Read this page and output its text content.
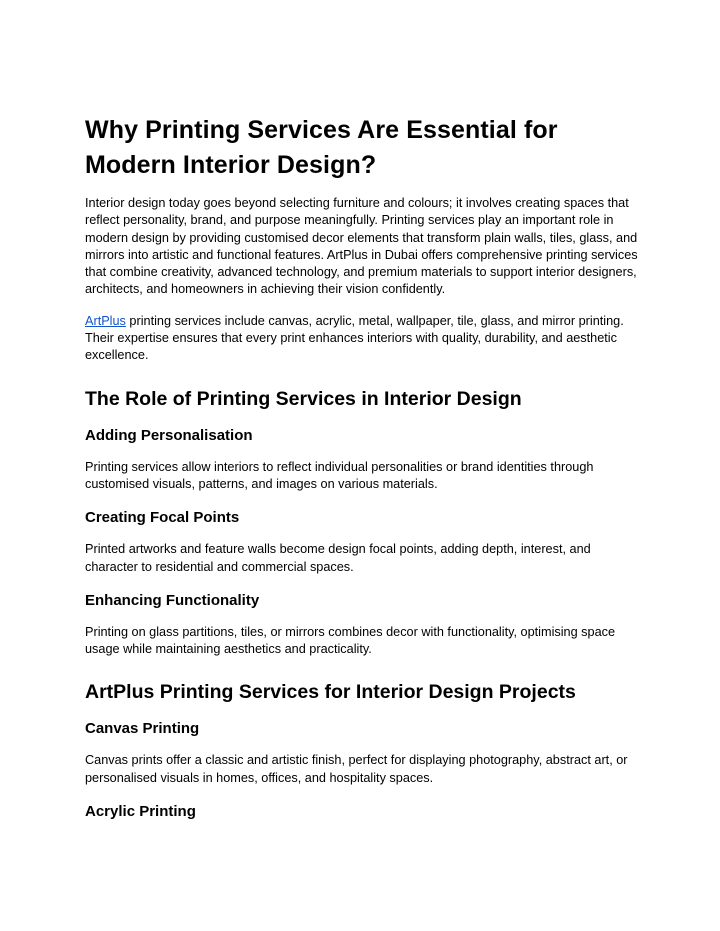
Why Printing Services Are Essential for Modern Interior Design?

Interior design today goes beyond selecting furniture and colours; it involves creating spaces that reflect personality, brand, and purpose meaningfully. Printing services play an important role in modern design by providing customised decor elements that transform plain walls, tiles, glass, and mirrors into artistic and functional features. ArtPlus in Dubai offers comprehensive printing services that combine creativity, advanced technology, and premium materials to support interior designers, architects, and homeowners in achieving their vision confidently.

ArtPlus printing services include canvas, acrylic, metal, wallpaper, tile, glass, and mirror printing. Their expertise ensures that every print enhances interiors with quality, durability, and aesthetic excellence.

The Role of Printing Services in Interior Design
Adding Personalisation

Printing services allow interiors to reflect individual personalities or brand identities through customised visuals, patterns, and images on various materials.

Creating Focal Points

Printed artworks and feature walls become design focal points, adding depth, interest, and character to residential and commercial spaces.

Enhancing Functionality

Printing on glass partitions, tiles, or mirrors combines decor with functionality, optimising space usage while maintaining aesthetics and practicality.

ArtPlus Printing Services for Interior Design Projects
Canvas Printing

Canvas prints offer a classic and artistic finish, perfect for displaying photography, abstract art, or personalised visuals in homes, offices, and hospitality spaces.

Acrylic Printing
